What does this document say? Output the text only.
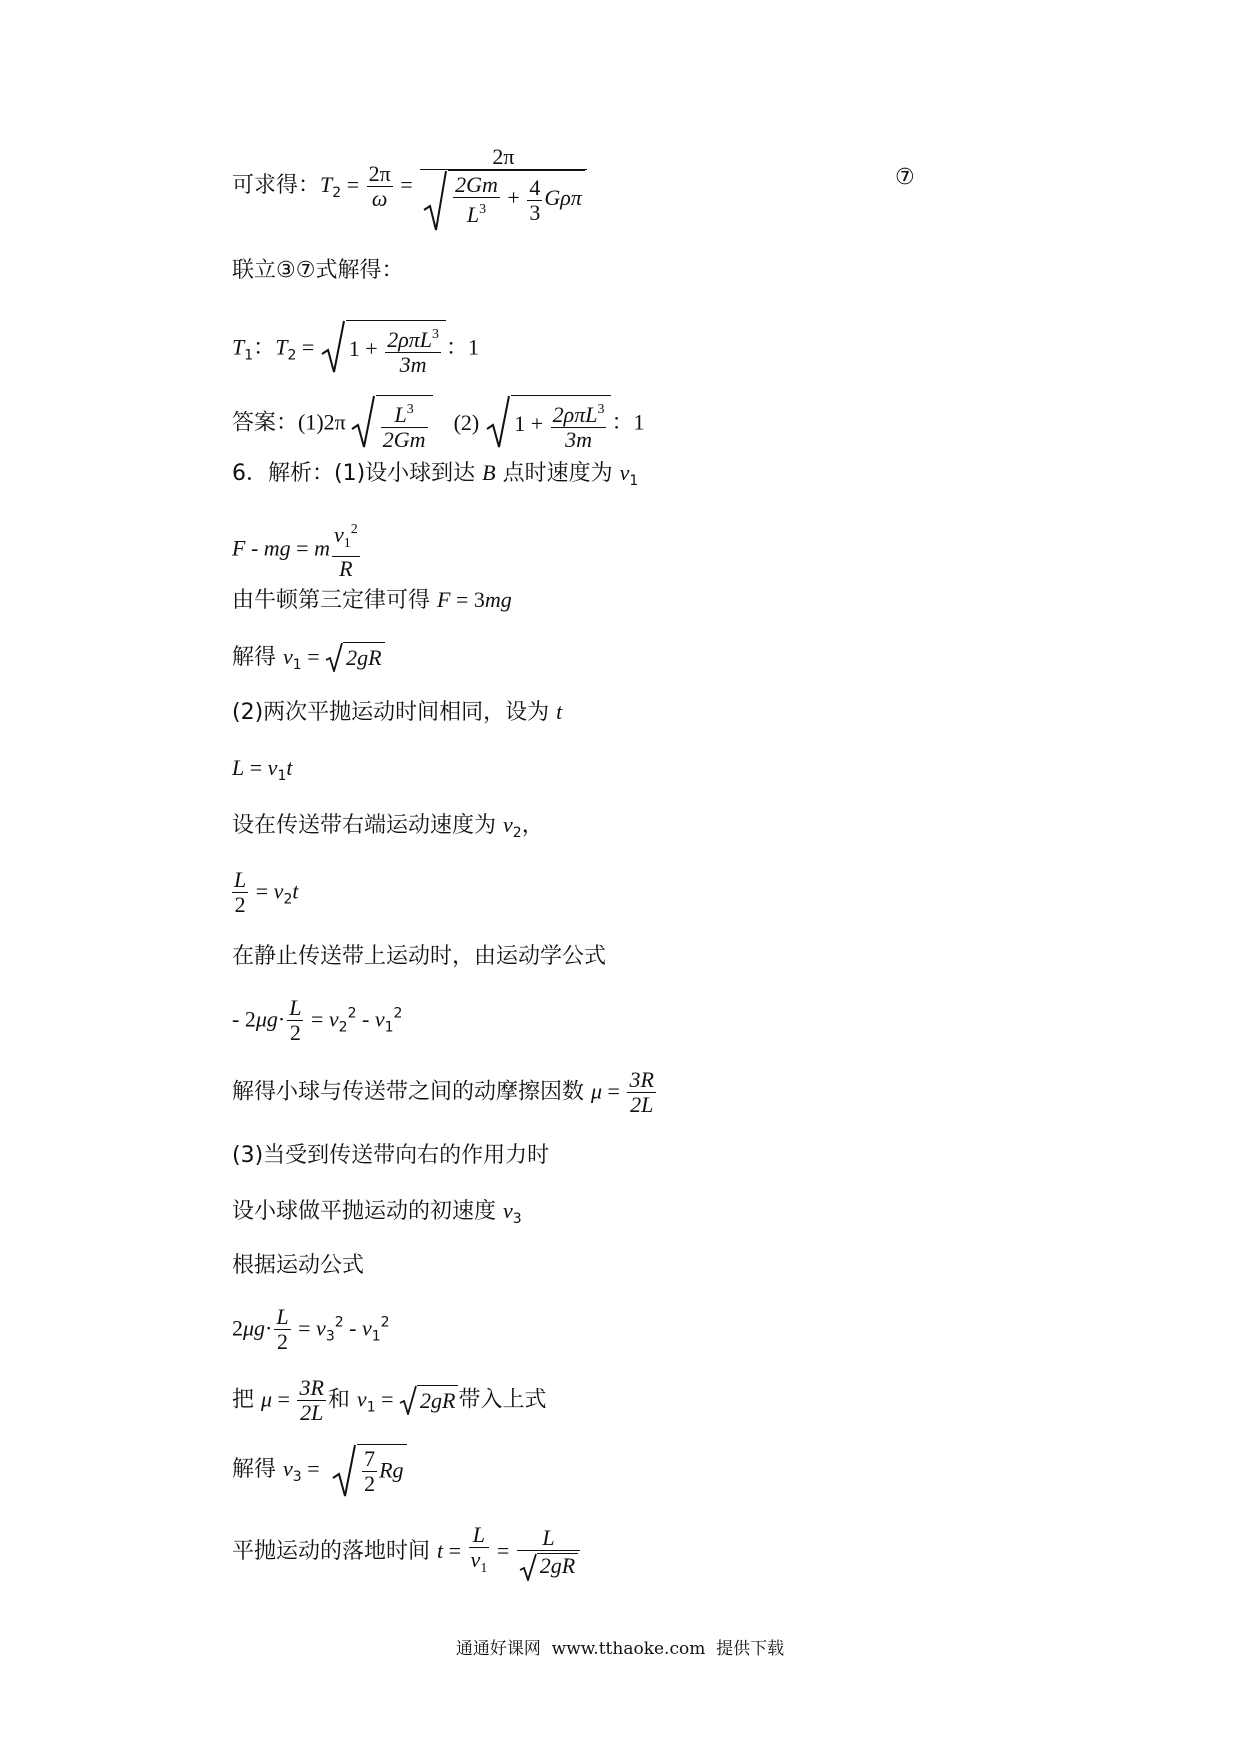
可求得：$T_2 = \frac{2\pi}{\omega} = \frac{2\pi}{\frac{2Gm}{L^3} + \frac{4}{3} G\rho\pi}$	⑦
联立③⑦式解得：
$T_1$：$T_2$ =
$1 + \frac{2\rho\pi L^3}{3m}$ ：1
答案：$(1)2\pi \frac{L^3}{2Gm} (2) 1 + \frac{2\rho\pi L^3}{3m}$ ：1
6．解析：(1)设小球到达 B 点时速度为 $v_1$
F - mg = m $\frac{v_1^2}{R}$
由牛顿第三定律可得 F = 3mg
解得 $v_1$ =
2gR
(2)两次平抛运动时间相同，设为 t
$L = v_1t$
设在传送带右端运动速度为 $v_2$，
$\frac{L}{2} = v_2t$
在静止传送带上运动时，由运动学公式
- $2\mu g\cdot \frac{L}{2} = v_2^2 - v_1^2$
解得小球与传送带之间的动摩擦因数 $\mu = \frac{3R}{2L}$
(3)当受到传送带向右的作用力时
设小球做平抛运动的初速度 $v_3$
根据运动公式
$2\mu g\cdot \frac{L}{2} = v_3^2 - v_1^2$
把 $\mu = \frac{3R}{2L}$ 和 $v_1$ =
2gR 带入上式
解得 $v_3 = \frac{7}{2}$ Rg
平抛运动的落地时间 $t = \frac{L}{v_1} = \frac{L}{2gR}$
通通好课网  www.tthaoke.com  提供下载
